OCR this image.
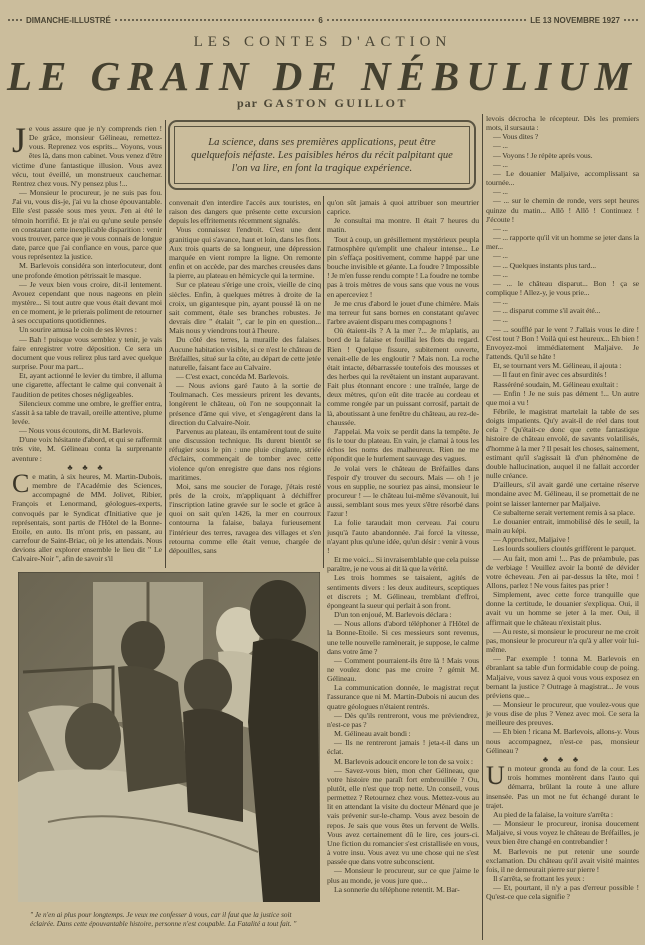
DIMANCHE-ILLUSTRÉ	6	LE 13 NOVEMBRE 1927
LES CONTES D'ACTION
LE GRAIN DE NÉBULIUM
par GASTON GUILLOT

La science, dans ses premières applications, peut être quelquefois néfaste. Les paisibles héros du récit palpitant que l'on va lire, en font la tragique expérience.

Je vous assure que je n'y comprends rien ! De grâce, monsieur Gélineau, remettez-vous. Reprenez vos esprits... Voyons, vous êtes là, dans mon cabinet. Vous venez d'être victime d'une fantastique illusion. Vous avez vécu, tout éveillé, un monstrueux cauchemar. Rentrez chez vous. N'y pensez plus !...

— Monsieur le procureur, je ne suis pas fou. J'ai vu, vous dis-je, j'ai vu la chose épouvantable. Elle s'est passée sous mes yeux. J'en ai été le témoin horrifié. Et je n'ai eu qu'une seule pensée en constatant cette inexplicable disparition : venir vous trouver, parce que je vous connais de longue date, parce que j'ai confiance en vous, parce que vous représentez la justice.

M. Barlevois considéra son interlocuteur, dont une profonde émotion pétrissait le masque.

— Je veux bien vous croire, dit-il lentement. Avouez cependant que nous nageons en plein mystère... Si tout autre que vous était devant moi en ce moment, je le prierais poliment de retourner à ses occupations quotidiennes.

Un sourire amusa le coin de ses lèvres :

— Bah ! puisque vous semblez y tenir, je vais faire enregistrer votre déposition. Ce sera un document que vous relirez plus tard avec quelque surprise. Pour ma part...

Et, ayant actionné le levier du timbre, il alluma une cigarette, affectant le calme qui convenait à l'audition de petites choses négligeables.

Silencieux comme une ombre, le greffier entra, s'assit à sa table de travail, oreille attentive, plume levée.

— Nous vous écoutons, dit M. Barlevois.

D'une voix hésitante d'abord, et qui se raffermit très vite, M. Gélineau conta la surprenante aventure :

♣ ♣ ♣

Ce matin, à six heures, M. Martin-Dubois, membre de l'Académie des Sciences, accompagné de MM. Jolivet, Ribier, François et Lenormand, géologues-experts, convoqués par le Syndicat d'Initiative que je représentais, sont partis de l'Hôtel de la Bonne-Etoile, en auto. Ils m'ont pris, en passant, au carrefour de Saint-Briac, où je les attendais. Nous devions aller explorer ensemble le lieu dit " Le Calvaire-Noir ", afin de savoir s'il

convenait d'en interdire l'accès aux touristes, en raison des dangers que présente cette excursion depuis les effritements récemment signalés.

Vous connaissez l'endroit. C'est une dent granitique qui s'avance, haut et loin, dans les flots. Aux trois quarts de sa longueur, une dépression marquée en vient rompre la ligne. On remonte enfin et on accède, par des marches creusées dans la pierre, au plateau en hémicycle qui la termine.

Sur ce plateau s'érige une croix, vieille de cinq siècles. Enfin, à quelques mètres à droite de la croix, un gigantesque pin, ayant poussé là on ne sait comment, étale ses branches robustes. Je devrais dire " étalait ", car le pin en question... Mais nous y viendrons tout à l'heure.

Du côté des terres, la muraille des falaises. Aucune habitation visible, si ce n'est le château de Bréfailles, situé sur la côte, au départ de cette jetée naturelle, faisant face au Calvaire.

— C'est exact, concéda M. Barlevois.

— Nous avions garé l'auto à la sortie de Toulmanach. Ces messieurs prirent les devants, longèrent le château, où l'on ne soupçonnait la présence d'âme qui vive, et s'engagèrent dans la direction du Calvaire-Noir.

Parvenus au plateau, ils entamèrent tout de suite une discussion technique. Ils durent bientôt se réfugier sous le pin : une pluie cinglante, striée d'éclairs, commençait de tomber avec cette violence qu'on enregistre que dans nos régions maritimes.

Moi, sans me soucier de l'orage, j'étais resté près de la croix, m'appliquant à déchiffrer l'inscription latine gravée sur le socle et grâce à quoi on sait qu'en 1426, la mer en courroux contourna la falaise, balaya furieusement l'intérieur des terres, ravagea des villages et s'en retourna comme elle était venue, chargée de dépouilles, sans

qu'on sût jamais à quoi attribuer son meurtrier caprice.

Je consultai ma montre. Il était 7 heures du matin.

Tout à coup, un grésillement mystérieux peupla l'atmosphère qu'emplit une chaleur intense... Le pin s'effaça positivement, comme happé par une bouche invisible et géante. La foudre ? Impossible ! Je m'en fusse rendu compte ! La foudre ne tombe pas à trois mètres de vous sans que vous ne vous en aperceviez !

Je me crus d'abord le jouet d'une chimère. Mais ma terreur fut sans bornes en constatant qu'avec l'arbre avaient disparu mes compagnons !

Où étaient-ils ? A la mer ?... Je m'aplatis, au bord de la falaise et fouillai les flots du regard. Rien ! Quelque fissure, subitement ouverte, venait-elle de les engloutir ? Mais non. La roche était intacte, débarrassée toutefois des mousses et des herbes qui la revêtaient un instant auparavant. Fait plus étonnant encore : une traînée, large de deux mètres, qu'on eût dite tracée au cordeau et comme rongée par un puissant corrosif, partait de là, aboutissant à une fenêtre du château, au rez-de-chaussée.

J'appelai. Ma voix se perdit dans la tempête. Je fis le tour du plateau. En vain, je clamai à tous les échos les noms des malheureux. Rien ne me répondit que le hurlement sauvage des vagues.

Je volai vers le château de Bréfailles dans l'espoir d'y trouver du secours. Mais — oh ! je vous en supplie, ne souriez pas ainsi, monsieur le procureur ! — le château lui-même s'évanouit, lui aussi, semblant sous mes yeux s'être résorbé dans l'azur !

La folie taraudait mon cerveau. J'ai couru jusqu'à l'auto abandonnée. J'ai forcé la vitesse, n'ayant plus qu'une idée, qu'un désir : venir à vous !

Et me voici... Si invraisemblable que cela puisse paraître, je ne vous ai dit là que la vérité.

Les trois hommes se taisaient, agités de sentiments divers : les deux auditeurs, sceptiques et discrets ; M. Gélineau, tremblant d'effroi, épongeant la sueur qui perlait à son front.

D'un ton enjoué, M. Barlevois déclara :

— Nous allons d'abord téléphoner à l'Hôtel de la Bonne-Etoile. Si ces messieurs sont revenus, une telle nouvelle ramènerait, je suppose, le calme dans votre âme ?

— Comment pourraient-ils être là ! Mais vous ne voulez donc pas me croire ? gémit M. Gélineau.

La communication donnée, le magistrat reçut l'assurance que ni M. Martin-Dubois ni aucun des quatre géologues n'étaient rentrés.

— Dès qu'ils rentreront, vous me préviendrez, n'est-ce pas ?

M. Gélineau avait bondi :

— Ils ne rentreront jamais ! jeta-t-il dans un éclat.

M. Barlevois adoucit encore le ton de sa voix :

— Savez-vous bien, mon cher Gélineau, que votre histoire me paraît fort embrouillée ? Ou, plutôt, elle n'est que trop nette. Un conseil, vous permettez ? Retournez chez vous. Mettez-vous au lit en attendant la visite du docteur Ménard que je vais prévenir sur-le-champ. Vous avez besoin de repos. Je sais que vous êtes un fervent de Wells. Vous avez certainement dû le lire, ces jours-ci. Une fiction du romancier s'est cristallisée en vous, à votre insu. Vous avez vu une chose qui ne s'est passée que dans votre subconscient.

— Monsieur le procureur, sur ce que j'aime le plus au monde, je vous jure que...

La sonnerie du téléphone retentit. M. Bar-

levois décrocha le récepteur. Dès les premiers mots, il sursauta :

— Vous dites ?

— ...

— Voyons ! Je répète après vous.

— ...

— Le douanier Maljaive, accomplissant sa tournée...

— ...

— ... sur le chemin de ronde, vers sept heures quinze du matin... Allô ! Allô ! Continuez ! J'écoute !

— ...

— ... rapporte qu'il vit un homme se jeter dans la mer...

— ...

— ... Quelques instants plus tard...

— ...

— ... le château disparut... Bon ! ça se complique ! Allez-y, je vous prie...

— ...

— ... disparut comme s'il avait été...

— ...

— ... soufflé par le vent ? J'allais vous le dire ! C'est tout ? Bon ! Voilà qui est heureux... Eh bien ! Envoyez-moi immédiatement Maljaive. Je l'attends. Qu'il se hâte !

Et, se tournant vers M. Gélineau, il ajouta :

— Il faut en finir avec ces absurdités !

Rasséréné soudain, M. Gélineau exultait :

— Enfin ! Je ne suis pas dément !... Un autre que moi a vu !

Fébrile, le magistrat martelait la table de ses doigts impatients. Qu'y avait-il de réel dans tout cela ? Qu'était-ce donc que cette fantastique histoire de château envolé, de savants volatilisés, d'homme à la mer ? Il pesait les choses, sainement, estimant qu'il s'agissait là d'un phénomène de double hallucination, auquel il ne fallait accorder nulle créance.

D'ailleurs, s'il avait gardé une certaine réserve mondaine avec M. Gélineau, il se promettait de ne point se laisser lanterner par Maljaive.

Ce subalterne serait vertement remis à sa place.

Le douanier entrait, immobilisé dès le seuil, la main au képi.

— Approchez, Maljaive !

Les lourds souliers cloutés griffèrent le parquet.

— Au fait, mon ami !... Pas de préambule, pas de verbiage ! Veuillez avoir la bonté de dévider votre écheveau. J'en ai par-dessus la tête, moi ! Allons, parlez ! Ne vous faites pas prier !

Simplement, avec cette force tranquille que donne la certitude, le douanier s'expliqua. Oui, il avait vu un homme se jeter à la mer. Oui, il affirmait que le château n'existait plus.

— Au reste, si monsieur le procureur ne me croit pas, monsieur le procureur n'a qu'à y aller voir lui-même.

— Par exemple ! tonna M. Barlevois en ébranlant sa table d'un formidable coup de poing. Maljaive, vous savez à quoi vous vous exposez en bernant la justice ? Outrage à magistrat... Je vous préviens que...

— Monsieur le procureur, que voulez-vous que je vous dise de plus ? Venez avec moi. Ce sera la meilleure des preuves.

— Eh bien ! ricana M. Barlevois, allons-y. Vous nous accompagnez, n'est-ce pas, monsieur Gélineau ?

♣ ♣ ♣

Un moteur gronda au fond de la cour. Les trois hommes montèrent dans l'auto qui démarra, brûlant la route à une allure insensée. Pas un mot ne fut échangé durant le trajet.

Au pied de la falaise, la voiture s'arrêta :

— Monsieur le procureur, ironisa doucement Maljaive, si vous voyez le château de Bréfailles, je veux bien être changé en contrebandier !

M. Barlevois ne put retenir une sourde exclamation. Du château qu'il avait visité maintes fois, il ne demeurait pierre sur pierre !

Il s'arrêta, se frottant les yeux :

— Et, pourtant, il n'y a pas d'erreur possible ! Qu'est-ce que cela signifie ?

" Je n'en ai plus pour longtemps. Je veux me confesser à vous, car il faut que la justice soit éclairée. Dans cette épouvantable histoire, personne n'est coupable. La Fatalité a tout fait. "
